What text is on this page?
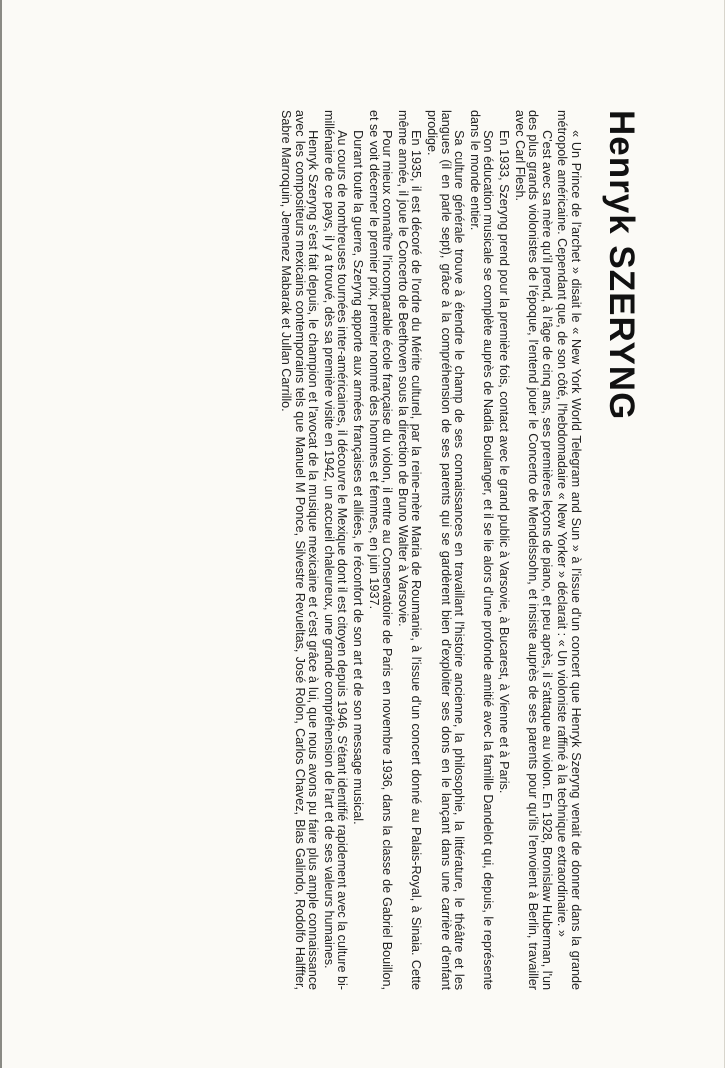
Henryk SZERYNG

« Un Prince de l'archet » disait le « New York World Telegram and Sun » à l'issue d'un concert que Henryk Szeryng venait de donner dans la grande métropole américaine. Cependant que, de son côté, l'hebdomadaire « New Yorker » déclarait : « Un violoniste raffiné à la technique extraordinaire. »

C'est avec sa mère qu'il prend, à l'âge de cinq ans, ses premières leçons de piano, et peu après, il s'attaque au violon. En 1928, Bronislaw Huberman, l'un des plus grands violonistes de l'époque, l'entend jouer le Concerto de Mendelssohn, et insiste auprès de ses parents pour qu'ils l'envoient à Berlin, travailler avec Carl Flesh.

En 1933, Szeryng prend pour la première fois, contact avec le grand public à Varsovie, à Bucarest, à Vienne et à Paris.

Son éducation musicale se complète auprès de Nadia Boulanger, et il se lie alors d'une profonde amitié avec la famille Dandelot qui, depuis, le représente dans le monde entier.

Sa culture générale trouve à étendre le champ de ses connaissances en travaillant l'histoire ancienne, la philosophie, la littérature, le théâtre et les langues (il en parle sept), grâce à la compréhension de ses parents qui se gardèrent bien d'exploiter ses dons en le lançant dans une carrière d'enfant prodige.

En 1935, il est décoré de l'ordre du Mérite culturel, par la reine-mère Maria de Roumanie, à l'issue d'un concert donné au Palais-Royal, à Sinaia. Cette même année, il joue le Concerto de Beethoven sous la direction de Bruno Walter à Varsovie.

Pour mieux connaître l'incomparable école française du violon, il entre au Conservatoire de Paris en novembre 1936, dans la classe de Gabriel Bouillon, et se voit décerner le premier prix, premier nommé des hommes et femmes, en juin 1937.

Durant toute la guerre, Szeryng apporte aux armées françaises et alliées, le réconfort de son art et de son message musical.

Au cours de nombreuses tournées inter-américaines, il découvre le Mexique dont il est citoyen depuis 1946. S'étant identifié rapidement avec la culture bi-millénaire de ce pays, il y a trouvé, dès sa première visite en 1942, un accueil chaleureux, une grande compréhension de l'art et de ses valeurs humaines.

Henryk Szeryng s'est fait depuis, le champion et l'avocat de la musique mexicaine et c'est grâce à lui, que nous avons pu faire plus ample connaissance avec les compositeurs mexicains contemporains tels que Manuel M Ponce, Silvestre Revueltas, José Rolon, Carlos Chavez, Blas Galindo, Rodolfo Halffter, Sabre Marroquin, Jemenez Mabarak et Jullan Carrillo.
